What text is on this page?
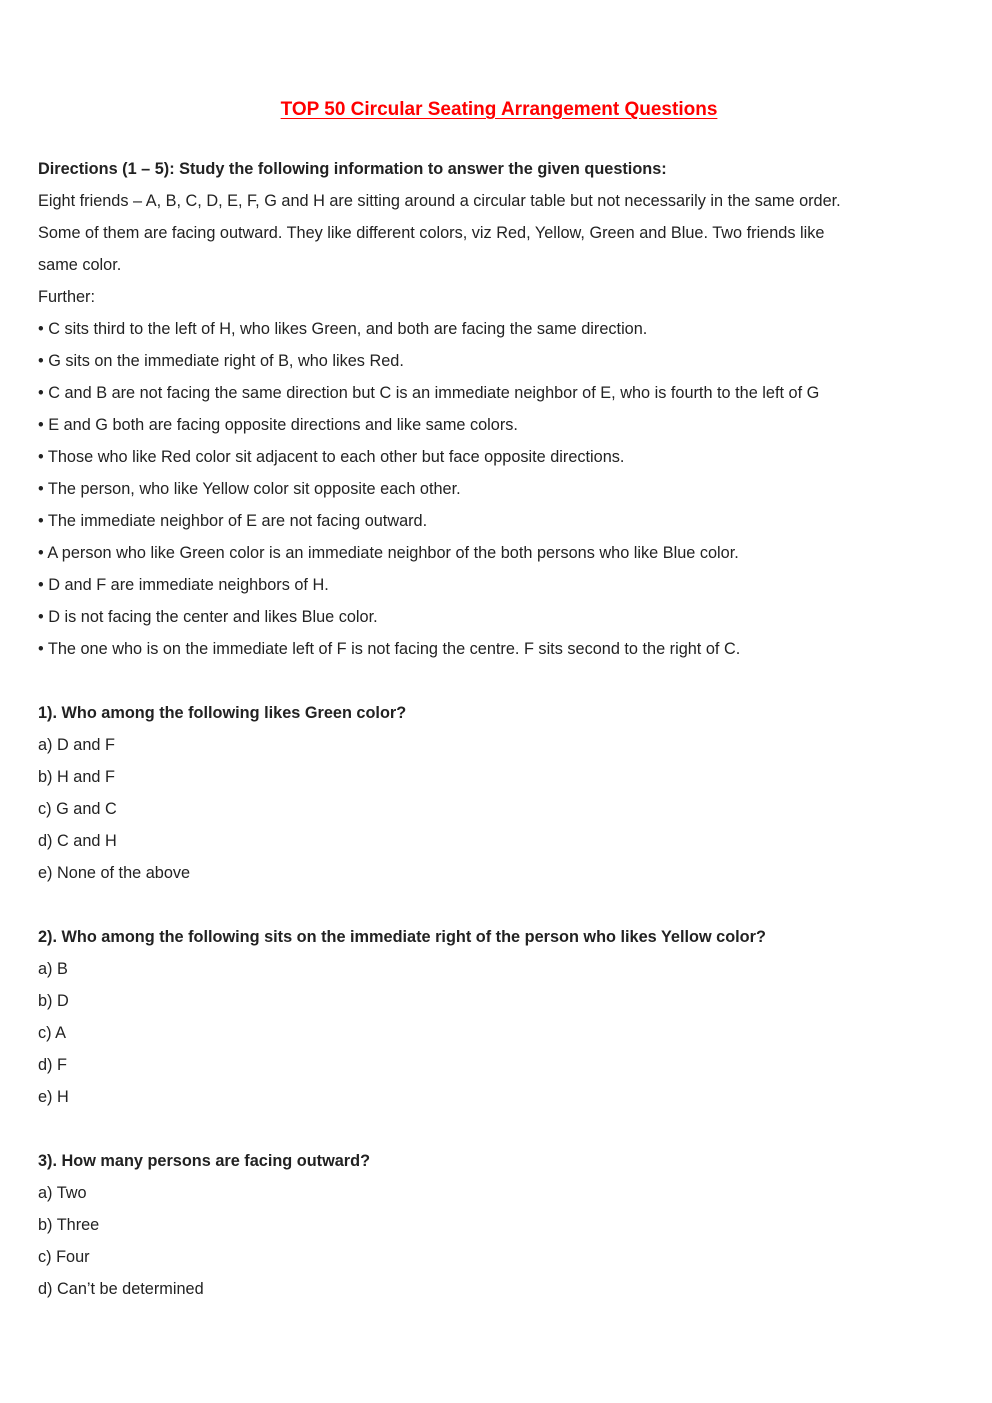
TOP 50 Circular Seating Arrangement Questions
Directions (1 – 5): Study the following information to answer the given questions:
Eight friends – A, B, C, D, E, F, G and H are sitting around a circular table but not necessarily in the same order.
Some of them are facing outward. They like different colors, viz Red, Yellow, Green and Blue. Two friends like
same color.
Further:
• C sits third to the left of H, who likes Green, and both are facing the same direction.
• G sits on the immediate right of B, who likes Red.
• C and B are not facing the same direction but C is an immediate neighbor of E, who is fourth to the left of G
• E and G both are facing opposite directions and like same colors.
• Those who like Red color sit adjacent to each other but face opposite directions.
• The person, who like Yellow color sit opposite each other.
• The immediate neighbor of E are not facing outward.
• A person who like Green color is an immediate neighbor of the both persons who like Blue color.
• D and F are immediate neighbors of H.
• D is not facing the center and likes Blue color.
• The one who is on the immediate left of F is not facing the centre. F sits second to the right of C.
1). Who among the following likes Green color?
a) D and F
b) H and F
c) G and C
d) C and H
e) None of the above
2). Who among the following sits on the immediate right of the person who likes Yellow color?
a) B
b) D
c) A
d) F
e) H
3). How many persons are facing outward?
a) Two
b) Three
c) Four
d) Can’t be determined
